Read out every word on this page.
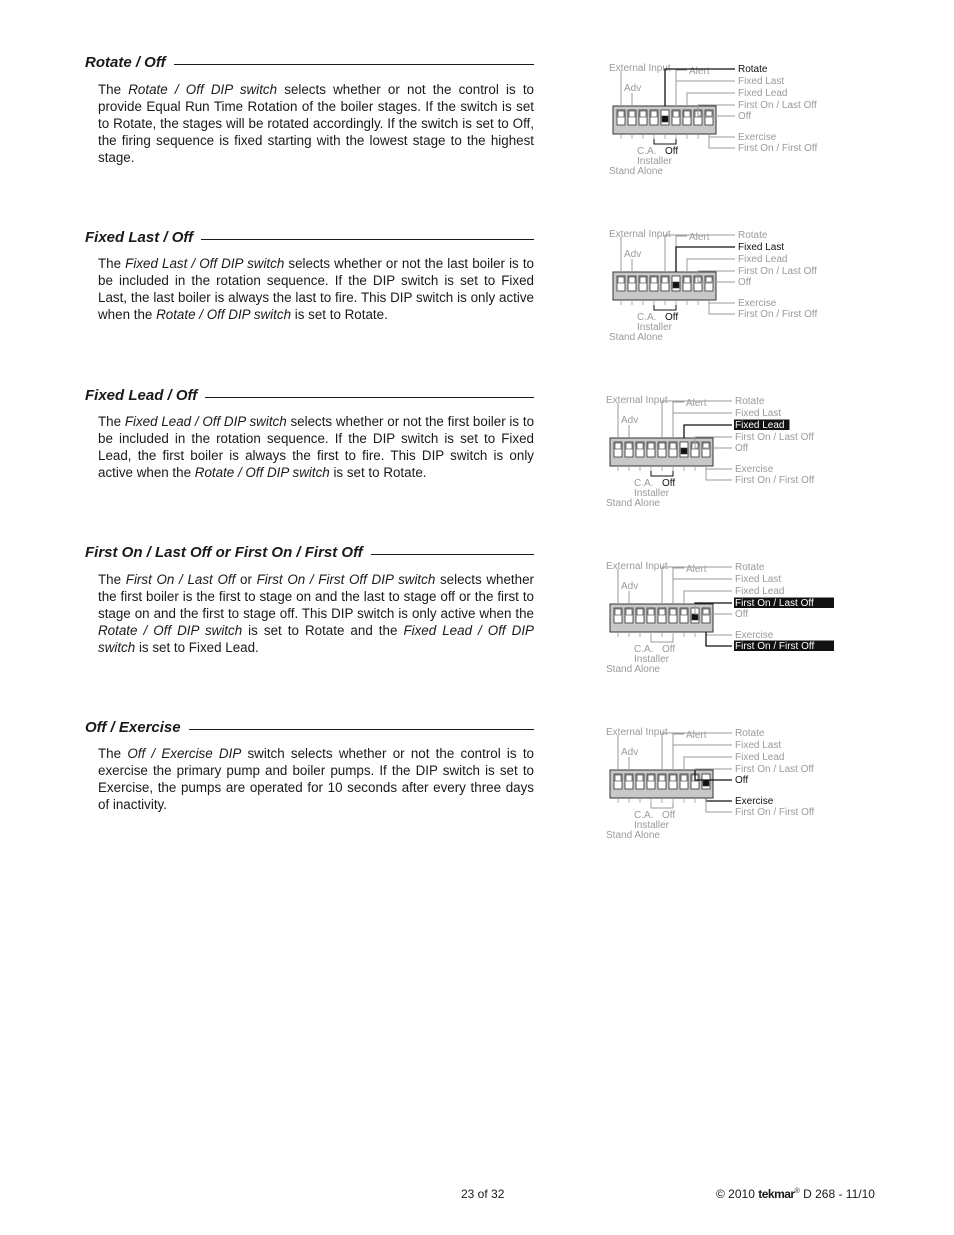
Rotate / Off
The Rotate / Off DIP switch selects whether or not the control is to provide Equal Run Time Rotation of the boiler stages. If the switch is set to Rotate, the stages will be rotated accordingly. If the switch is set to Off, the firing sequence is fixed starting with the lowest stage to the highest stage.
External Input Alert
Adv
C.A.
Installer
Stand Alone
Rotate
Fixed Last
Fixed Lead
First On / Last Off
Off
Exercise
First On / First Off
Off
Fixed Last / Off
The Fixed Last / Off DIP switch selects whether or not the last boiler is to be included in the rotation sequence. If the DIP switch is set to Fixed Last, the last boiler is always the last to fire. This DIP switch is only active when the Rotate / Off DIP switch is set to Rotate.
External Input Alert
Adv
C.A.
Installer
Stand Alone
Rotate
Fixed Last
Fixed Lead
First On / Last Off
Off
Exercise
First On / First Off
Off
Fixed Lead / Off
The Fixed Lead / Off DIP switch selects whether or not the first boiler is to be included in the rotation sequence. If the DIP switch is set to Fixed Lead, the first boiler is always the first to fire. This DIP switch is only active when the Rotate / Off DIP switch is set to Rotate.
External Input Alert
Adv
C.A.
Installer
Stand Alone
Rotate
Fixed Last
Fixed Lead
First On / Last Off
Off
Exercise
First On / First Off
Off
First On / Last Off or First On / First Off
The First On / Last Off or First On / First Off DIP switch selects whether the first boiler is the first to stage on and the last to stage off or the first to stage on and the first to stage off. This DIP switch is only active when the Rotate / Off DIP switch is set to Rotate and the Fixed Lead / Off DIP switch is set to Fixed Lead.
External Input Alert
Adv
C.A.
Installer
Stand Alone
Rotate
Fixed Last
Fixed Lead
First On / Last Off
Off
Exercise
First On / First Off
Off
Off / Exercise
The Off / Exercise DIP switch selects whether or not the control is to exercise the primary pump and boiler pumps. If the DIP switch is set to Exercise, the pumps are operated for 10 seconds after every three days of inactivity.
External Input Alert
Adv
C.A.
Installer
Stand Alone
Rotate
Fixed Last
Fixed Lead
First On / Last Off
Off
Exercise
First On / First Off
Off
23 of 32	© 2010 tekmar® D 268 - 11/10
